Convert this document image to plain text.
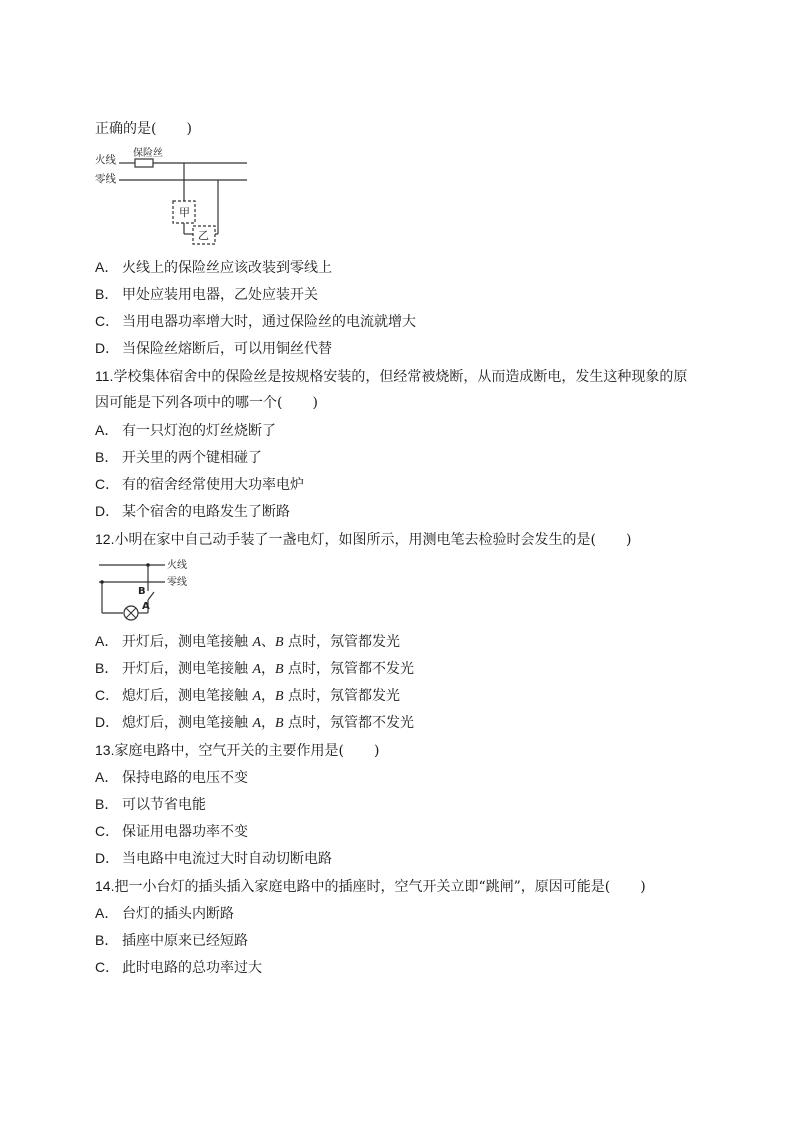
正确的是( )
火线
零线
保险丝
甲
乙
A． 火线上的保险丝应该改装到零线上
B． 甲处应装用电器，乙处应装开关
C． 当用电器功率增大时，通过保险丝的电流就增大
D． 当保险丝熔断后，可以用铜丝代替
11.学校集体宿舍中的保险丝是按规格安装的，但经常被烧断，从而造成断电，发生这种现象的原
因可能是下列各项中的哪一个( )
A． 有一只灯泡的灯丝烧断了
B． 开关里的两个键相碰了
C． 有的宿舍经常使用大功率电炉
D． 某个宿舍的电路发生了断路
12.小明在家中自己动手装了一盏电灯，如图所示，用测电笔去检验时会发生的是( )
火线
零线
B
A
A． 开灯后，测电笔接触 A、B 点时，氖管都发光
B． 开灯后，测电笔接触 A，B 点时，氖管都不发光
C． 熄灯后，测电笔接触 A，B 点时，氖管都发光
D． 熄灯后，测电笔接触 A，B 点时，氖管都不发光
13.家庭电路中，空气开关的主要作用是( )
A． 保持电路的电压不变
B． 可以节省电能
C． 保证用电器功率不变
D． 当电路中电流过大时自动切断电路
14.把一小台灯的插头插入家庭电路中的插座时，空气开关立即“跳闸”，原因可能是( )
A． 台灯的插头内断路
B． 插座中原来已经短路
C． 此时电路的总功率过大
